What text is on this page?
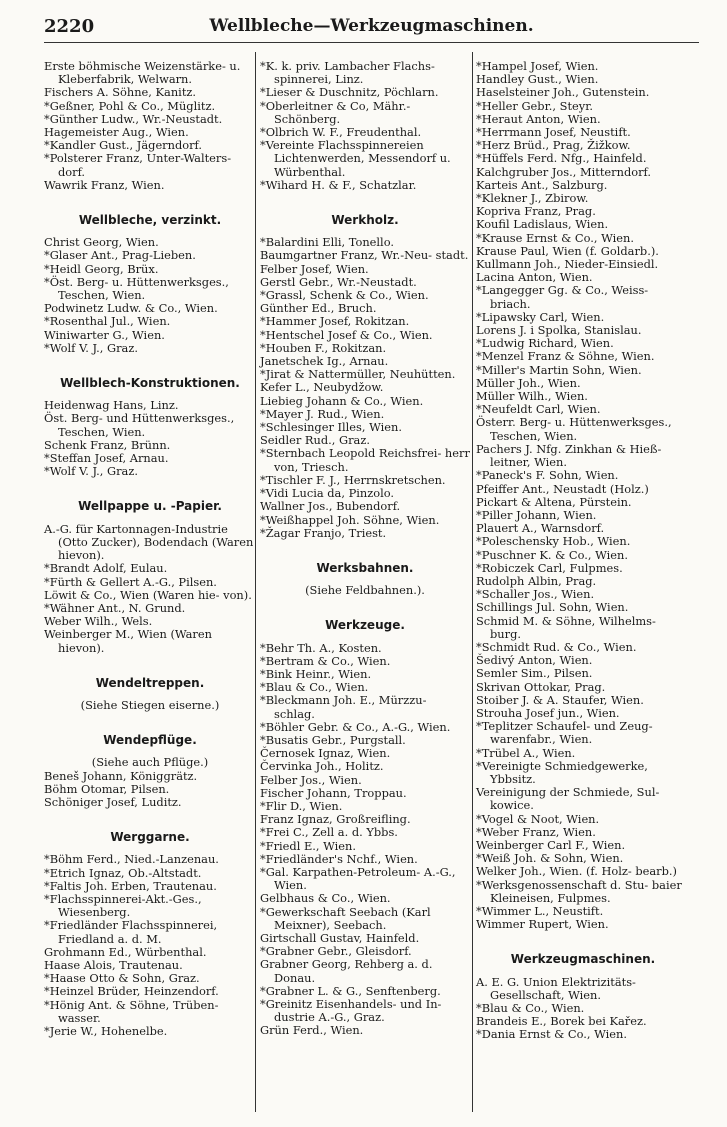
2220	Wellbleche—Werkzeugmaschinen.
Erste böhmische Weizenstärke- u. Kleberfabrik, Welwarn.
Fischers A. Söhne, Kanitz.
*Geßner, Pohl & Co., Müglitz.
*Günther Ludw., Wr.-Neustadt.
Hagemeister Aug., Wien.
*Kandler Gust., Jägerndorf.
*Polsterer Franz, Unter-Walters- dorf.
Wawrik Franz, Wien.
Wellbleche, verzinkt.
Christ Georg, Wien.
*Glaser Ant., Prag-Lieben.
*Heidl Georg, Brüx.
*Öst. Berg- u. Hüttenwerksges., Teschen, Wien.
Podwinetz Ludw. & Co., Wien.
*Rosenthal Jul., Wien.
Winiwarter G., Wien.
*Wolf V. J., Graz.
Wellblech-Konstruktionen.
Heidenwag Hans, Linz.
Öst. Berg- und Hüttenwerksges., Teschen, Wien.
Schenk Franz, Brünn.
*Steffan Josef, Arnau.
*Wolf V. J., Graz.
Wellpappe u. -Papier.
A.-G. für Kartonnagen-Industrie (Otto Zucker), Bodendach (Waren hievon).
*Brandt Adolf, Eulau.
*Fürth & Gellert A.-G., Pilsen.
Löwit & Co., Wien (Waren hie- von).
*Wähner Ant., N. Grund.
Weber Wilh., Wels.
Weinberger M., Wien (Waren hievon).
Wendeltreppen.
(Siehe Stiegen eiserne.)
Wendepflüge.
(Siehe auch Pflüge.)
Beneš Johann, Königgrätz.
Böhm Otomar, Pilsen.
Schöniger Josef, Luditz.
Werggarne.
*Böhm Ferd., Nied.-Lanzenau.
*Etrich Ignaz, Ob.-Altstadt.
*Faltis Joh. Erben, Trautenau.
*Flachsspinnerei-Akt.-Ges., Wiesenberg.
*Friedländer Flachsspinnerei, Friedland a. d. M.
Grohmann Ed., Würbenthal.
Haase Alois, Trautenau.
*Haase Otto & Sohn, Graz.
*Heinzel Brüder, Heinzendorf.
*Hönig Ant. & Söhne, Trüben- wasser.
*Jerie W., Hohenelbe.
*K. k. priv. Lambacher Flachs- spinnerei, Linz.
*Lieser & Duschnitz, Pöchlarn.
*Oberleitner & Co, Mähr.- Schönberg.
*Olbrich W. F., Freudenthal.
*Vereinte Flachsspinnereien Lichtenwerden, Messendorf u. Würbenthal.
*Wihard H. & F., Schatzlar.
Werkholz.
*Balardini Elli, Tonello.
Baumgartner Franz, Wr.-Neu- stadt.
Felber Josef, Wien.
Gerstl Gebr., Wr.-Neustadt.
*Grassl, Schenk & Co., Wien.
Günther Ed., Bruch.
*Hammer Josef, Rokitzan.
*Hentschel Josef & Co., Wien.
*Houben F., Rokitzan.
Janetschek Ig., Arnau.
*Jirat & Nattermüller, Neuhütten.
Kefer L., Neubydžow.
Liebieg Johann & Co., Wien.
*Mayer J. Rud., Wien.
*Schlesinger Illes, Wien.
Seidler Rud., Graz.
*Sternbach Leopold Reichsfrei- herr von, Triesch.
*Tischler F. J., Herrnskretschen.
*Vidi Lucia da, Pinzolo.
Wallner Jos., Bubendorf.
*Weißhappel Joh. Söhne, Wien.
*Žagar Franjo, Triest.
Werksbahnen.
(Siehe Feldbahnen.).
Werkzeuge.
*Behr Th. A., Kosten.
*Bertram & Co., Wien.
*Bink Heinr., Wien.
*Blau & Co., Wien.
*Bleckmann Joh. E., Mürzzu- schlag.
*Böhler Gebr. & Co., A.-G., Wien.
*Busatis Gebr., Purgstall.
Černosek Ignaz, Wien.
Červinka Joh., Holitz.
Felber Jos., Wien.
Fischer Johann, Troppau.
*Flir D., Wien.
Franz Ignaz, Großreifling.
*Frei C., Zell a. d. Ybbs.
*Friedl E., Wien.
*Friedländer's Nchf., Wien.
*Gal. Karpathen-Petroleum- A.-G., Wien.
Gelbhaus & Co., Wien.
*Gewerkschaft Seebach (Karl Meixner), Seebach.
Girtschall Gustav, Hainfeld.
*Grabner Gebr., Gleisdorf.
Grabner Georg, Rehberg a. d. Donau.
*Grabner L. & G., Senftenberg.
*Greinitz Eisenhandels- und In- dustrie A.-G., Graz.
Grün Ferd., Wien.
*Hampel Josef, Wien.
Handley Gust., Wien.
Haselsteiner Joh., Gutenstein.
*Heller Gebr., Steyr.
*Heraut Anton, Wien.
*Herrmann Josef, Neustift.
*Herz Brüd., Prag, Žižkow.
*Hüffels Ferd. Nfg., Hainfeld.
Kalchgruber Jos., Mitterndorf.
Karteis Ant., Salzburg.
*Klekner J., Zbirow.
Kopriva Franz, Prag.
Koufil Ladislaus, Wien.
*Krause Ernst & Co., Wien.
Krause Paul, Wien (f. Goldarb.).
Kullmann Joh., Nieder-Einsiedl.
Lacina Anton, Wien.
*Langegger Gg. & Co., Weiss- briach.
*Lipawsky Carl, Wien.
Lorens J. i Spolka, Stanislau.
*Ludwig Richard, Wien.
*Menzel Franz & Söhne, Wien.
*Miller's Martin Sohn, Wien.
Müller Joh., Wien.
Müller Wilh., Wien.
*Neufeldt Carl, Wien.
Österr. Berg- u. Hüttenwerksges., Teschen, Wien.
Pachers J. Nfg. Zinkhan & Hieß- leitner, Wien.
*Paneck's F. Sohn, Wien.
Pfeiffer Ant., Neustadt (Holz.)
Pickart & Altena, Pürstein.
*Piller Johann, Wien.
Plauert A., Warnsdorf.
*Poleschensky Hob., Wien.
*Puschner K. & Co., Wien.
*Robiczek Carl, Fulpmes.
Rudolph Albin, Prag.
*Schaller Jos., Wien.
Schillings Jul. Sohn, Wien.
Schmid M. & Söhne, Wilhelms- burg.
*Schmidt Rud. & Co., Wien.
Šedivý Anton, Wien.
Semler Sim., Pilsen.
Skrivan Ottokar, Prag.
Stoiber J. & A. Staufer, Wien.
Strouha Josef jun., Wien.
*Teplitzer Schaufel- und Zeug- warenfabr., Wien.
*Trübel A., Wien.
*Vereinigte Schmiedgewerke, Ybbsitz.
Vereinigung der Schmiede, Sul- kowice.
*Vogel & Noot, Wien.
*Weber Franz, Wien.
Weinberger Carl F., Wien.
*Weiß Joh. & Sohn, Wien.
Welker Joh., Wien. (f. Holz- bearb.)
*Werksgenossenschaft d. Stu- baier Kleineisen, Fulpmes.
*Wimmer L., Neustift.
Wimmer Rupert, Wien.
Werkzeugmaschinen.
A. E. G. Union Elektrizitäts- Gesellschaft, Wien.
*Blau & Co., Wien.
Brandeis E., Borek bei Kařez.
*Dania Ernst & Co., Wien.
